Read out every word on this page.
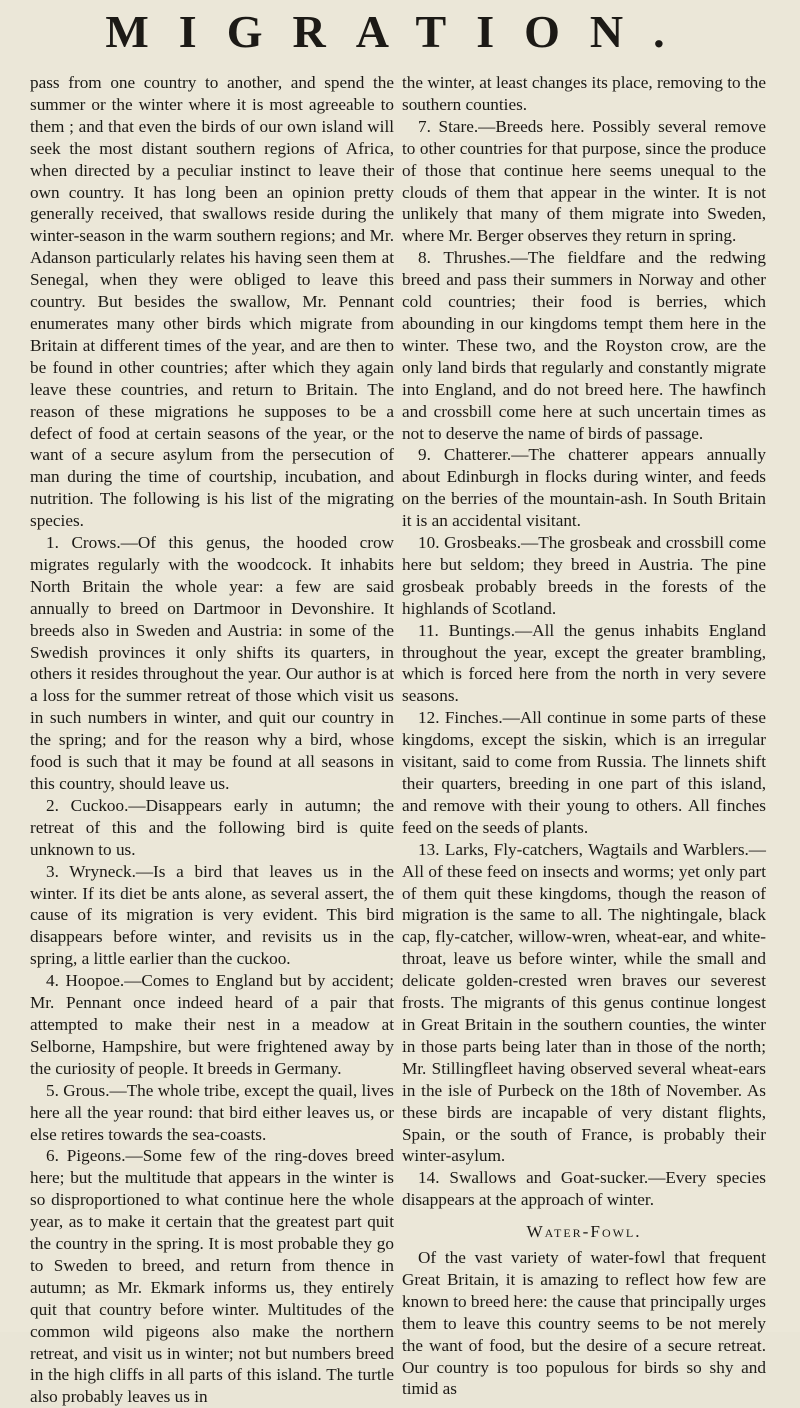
MIGRATION.

pass from one country to another, and spend the summer or the winter where it is most agreeable to them ; and that even the birds of our own island will seek the most distant southern regions of Africa, when directed by a peculiar instinct to leave their own country. It has long been an opinion pretty generally received, that swallows reside during the winter-season in the warm southern regions; and Mr. Adanson particularly relates his having seen them at Senegal, when they were obliged to leave this country. But besides the swallow, Mr. Pennant enumerates many other birds which migrate from Britain at different times of the year, and are then to be found in other countries; after which they again leave these countries, and return to Britain. The reason of these migrations he supposes to be a defect of food at certain seasons of the year, or the want of a secure asylum from the persecution of man during the time of courtship, incubation, and nutrition. The following is his list of the migrating species.

1. Crows.—Of this genus, the hooded crow migrates regularly with the woodcock. It inhabits North Britain the whole year: a few are said annually to breed on Dartmoor in Devonshire. It breeds also in Sweden and Austria: in some of the Swedish provinces it only shifts its quarters, in others it resides throughout the year. Our author is at a loss for the summer retreat of those which visit us in such numbers in winter, and quit our country in the spring; and for the reason why a bird, whose food is such that it may be found at all seasons in this country, should leave us.

2. Cuckoo.—Disappears early in autumn; the retreat of this and the following bird is quite unknown to us.

3. Wryneck.—Is a bird that leaves us in the winter. If its diet be ants alone, as several assert, the cause of its migration is very evident. This bird disappears before winter, and revisits us in the spring, a little earlier than the cuckoo.

4. Hoopoe.—Comes to England but by accident; Mr. Pennant once indeed heard of a pair that attempted to make their nest in a meadow at Selborne, Hampshire, but were frightened away by the curiosity of people. It breeds in Germany.

5. Grous.—The whole tribe, except the quail, lives here all the year round: that bird either leaves us, or else retires towards the sea-coasts.

6. Pigeons.—Some few of the ring-doves breed here; but the multitude that appears in the winter is so disproportioned to what continue here the whole year, as to make it certain that the greatest part quit the country in the spring. It is most probable they go to Sweden to breed, and return from thence in autumn; as Mr. Ekmark informs us, they entirely quit that country before winter. Multitudes of the common wild pigeons also make the northern retreat, and visit us in winter; not but numbers breed in the high cliffs in all parts of this island. The turtle also probably leaves us in

the winter, at least changes its place, removing to the southern counties.

7. Stare.—Breeds here. Possibly several remove to other countries for that purpose, since the produce of those that continue here seems unequal to the clouds of them that appear in the winter. It is not unlikely that many of them migrate into Sweden, where Mr. Berger observes they return in spring.

8. Thrushes.—The fieldfare and the redwing breed and pass their summers in Norway and other cold countries; their food is berries, which abounding in our kingdoms tempt them here in the winter. These two, and the Royston crow, are the only land birds that regularly and constantly migrate into England, and do not breed here. The hawfinch and crossbill come here at such uncertain times as not to deserve the name of birds of passage.

9. Chatterer.—The chatterer appears annually about Edinburgh in flocks during winter, and feeds on the berries of the mountain-ash. In South Britain it is an accidental visitant.

10. Grosbeaks.—The grosbeak and crossbill come here but seldom; they breed in Austria. The pine grosbeak probably breeds in the forests of the highlands of Scotland.

11. Buntings.—All the genus inhabits England throughout the year, except the greater brambling, which is forced here from the north in very severe seasons.

12. Finches.—All continue in some parts of these kingdoms, except the siskin, which is an irregular visitant, said to come from Russia. The linnets shift their quarters, breeding in one part of this island, and remove with their young to others. All finches feed on the seeds of plants.

13. Larks, Fly-catchers, Wagtails and Warblers.—All of these feed on insects and worms; yet only part of them quit these kingdoms, though the reason of migration is the same to all. The nightingale, black cap, fly-catcher, willow-wren, wheat-ear, and white-throat, leave us before winter, while the small and delicate golden-crested wren braves our severest frosts. The migrants of this genus continue longest in Great Britain in the southern counties, the winter in those parts being later than in those of the north; Mr. Stillingfleet having observed several wheat-ears in the isle of Purbeck on the 18th of November. As these birds are incapable of very distant flights, Spain, or the south of France, is probably their winter-asylum.

14. Swallows and Goat-sucker.—Every species disappears at the approach of winter.

Water-Fowl.

Of the vast variety of water-fowl that frequent Great Britain, it is amazing to reflect how few are known to breed here: the cause that principally urges them to leave this country seems to be not merely the want of food, but the desire of a secure retreat. Our country is too populous for birds so shy and timid as
